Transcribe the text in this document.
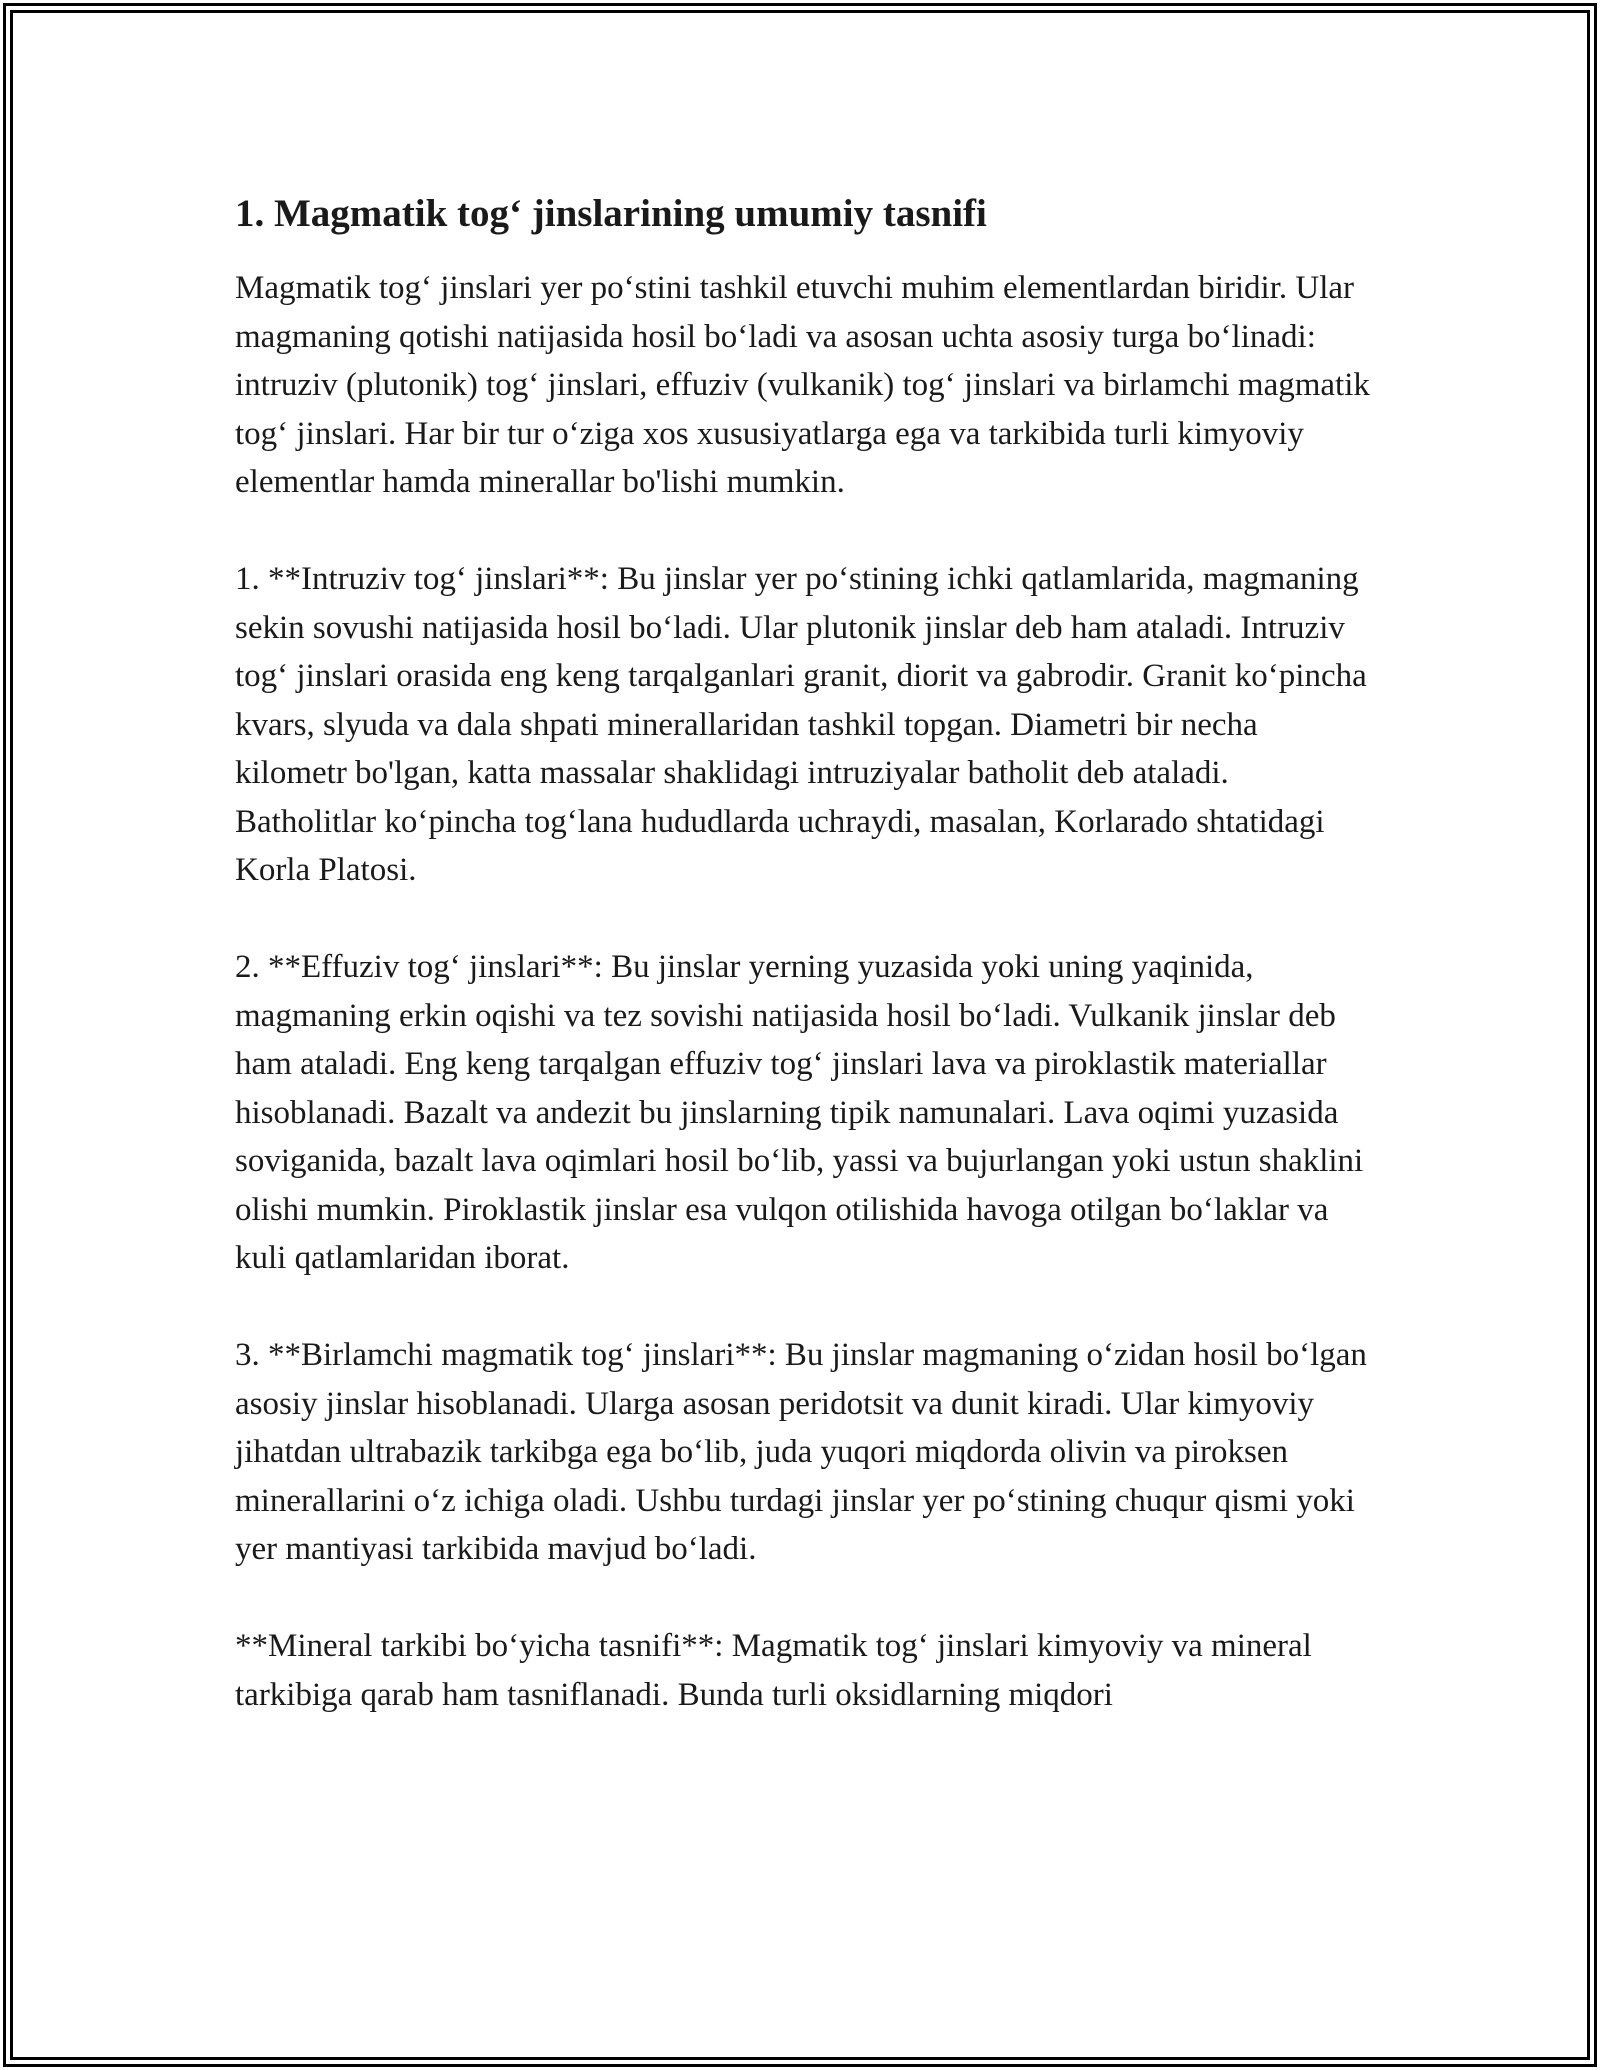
1. Magmatik tog‘ jinslarining umumiy tasnifi

Magmatik tog‘ jinslari yer po‘stini tashkil etuvchi muhim elementlardan biridir. Ular magmaning qotishi natijasida hosil bo‘ladi va asosan uchta asosiy turga bo‘linadi: intruziv (plutonik) tog‘ jinslari, effuziv (vulkanik) tog‘ jinslari va birlamchi magmatik tog‘ jinslari. Har bir tur o‘ziga xos xususiyatlarga ega va tarkibida turli kimyoviy elementlar hamda minerallar bo'lishi mumkin.

1. **Intruziv tog‘ jinslari**: Bu jinslar yer po‘stining ichki qatlamlarida, magmaning sekin sovushi natijasida hosil bo‘ladi. Ular plutonik jinslar deb ham ataladi. Intruziv tog‘ jinslari orasida eng keng tarqalganlari granit, diorit va gabrodir. Granit ko‘pincha kvars, slyuda va dala shpati minerallaridan tashkil topgan. Diametri bir necha kilometr bo'lgan, katta massalar shaklidagi intruziyalar batholit deb ataladi. Batholitlar ko‘pincha tog‘lana hududlarda uchraydi, masalan, Korlarado shtatidagi Korla Platosi.

2. **Effuziv tog‘ jinslari**: Bu jinslar yerning yuzasida yoki uning yaqinida, magmaning erkin oqishi va tez sovishi natijasida hosil bo‘ladi. Vulkanik jinslar deb ham ataladi. Eng keng tarqalgan effuziv tog‘ jinslari lava va piroklastik materiallar hisoblanadi. Bazalt va andezit bu jinslarning tipik namunalari. Lava oqimi yuzasida soviganida, bazalt lava oqimlari hosil bo‘lib, yassi va bujurlangan yoki ustun shaklini olishi mumkin. Piroklastik jinslar esa vulqon otilishida havoga otilgan bo‘laklar va kuli qatlamlaridan iborat.

3. **Birlamchi magmatik tog‘ jinslari**: Bu jinslar magmaning o‘zidan hosil bo‘lgan asosiy jinslar hisoblanadi. Ularga asosan peridotsit va dunit kiradi. Ular kimyoviy jihatdan ultrabazik tarkibga ega bo‘lib, juda yuqori miqdorda olivin va piroksen minerallarini o‘z ichiga oladi. Ushbu turdagi jinslar yer po‘stining chuqur qismi yoki yer mantiyasi tarkibida mavjud bo‘ladi.

**Mineral tarkibi bo‘yicha tasnifi**: Magmatik tog‘ jinslari kimyoviy va mineral tarkibiga qarab ham tasniflanadi. Bunda turli oksidlarning miqdori
